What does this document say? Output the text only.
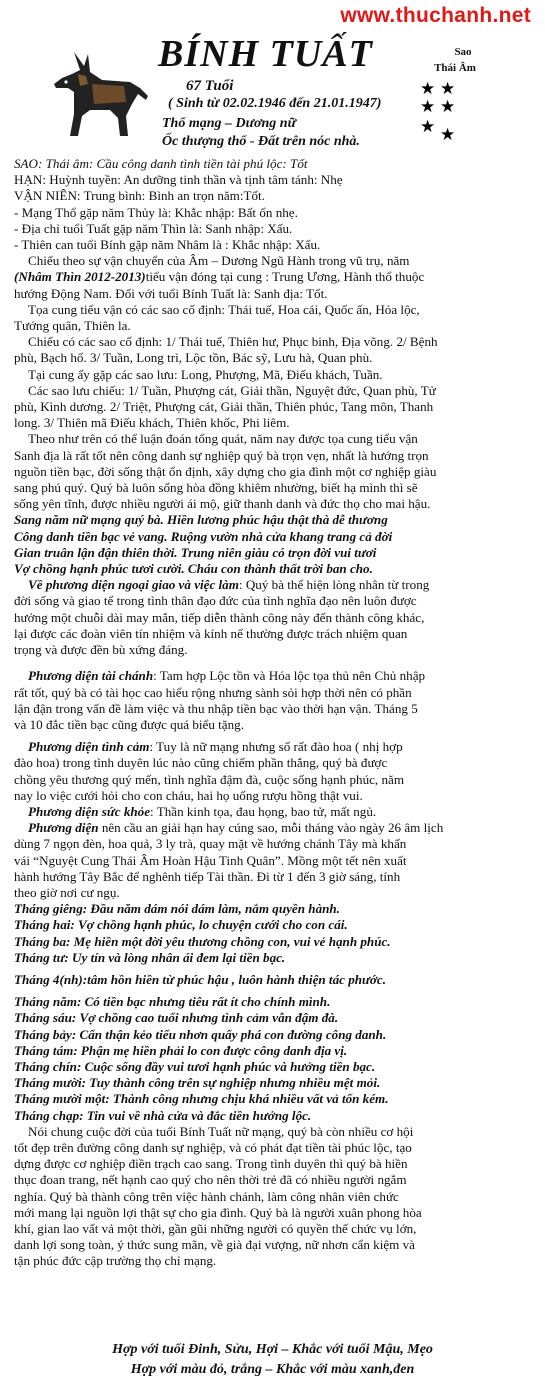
www.thuchanh.net
BÍNH TUẤT
67 Tuổi
( Sinh từ 02.02.1946 đến 21.01.1947)
Thổ mạng – Dương nữ
Ốc thượng thổ - Đất trên nóc nhà.
Sao
Thái Âm
★ ★
★ ★
★ ★

SAO: Thái âm: Cầu công danh tình tiền tài phú lộc: Tốt

HẠN: Huỳnh tuyền: An dưỡng tinh thần và tịnh tâm tánh: Nhẹ

VẬN NIÊN: Trung bình: Bình an trọn năm:Tốt.

- Mạng Thổ gặp năm Thủy là: Khắc nhập: Bất ổn nhẹ.

- Địa chỉ tuổi Tuất gặp năm Thìn là: Sanh nhập: Xấu.

- Thiên can tuổi Bính gặp năm Nhâm là : Khắc nhập: Xấu.

Chiếu theo sự vận chuyển của Âm – Dương Ngũ Hành trong vũ trụ, năm

(Nhâm Thìn 2012-2013)tiểu vận đóng tại cung : Trung Ương, Hành thổ thuộc

hướng Động Nam. Đối với tuổi Bính Tuất là: Sanh địa: Tốt.

Tọa cung tiểu vận có các sao cố định: Thái tuế, Hoa cái, Quốc ấn, Hỏa lộc,

Tướng quân, Thiên la.

Chiếu có các sao cố định: 1/ Thái tuế, Thiên hư, Phục binh, Địa võng. 2/ Bệnh

phù, Bạch hổ. 3/ Tuần, Long trì, Lộc tồn, Bác sỹ, Lưu hà, Quan phù.

Tại cung ấy gặp các sao lưu: Long, Phượng, Mã, Điếu khách, Tuần.

Các sao lưu chiếu: 1/ Tuần, Phượng cát, Giải thần, Nguyệt đức, Quan phù, Tử

phù, Kình dương. 2/ Triệt, Phượng cát, Giải thần, Thiên phúc, Tang môn, Thanh

long. 3/ Thiên mã Điếu khách, Thiên khốc, Phi liêm.

Theo như trên có thể luận đoán tổng quát, năm nay được tọa cung tiểu vận

Sanh địa là rất tốt nên công danh sự nghiệp quý bà trọn vẹn, nhất là hướng trọn

nguồn tiền bạc, đời sống thật ổn định, xây dựng cho gia đình một cơ nghiệp giàu

sang phú quý. Quý bà luôn sống hòa đồng khiêm nhường, biết hạ mình thì sẽ

sống yên tĩnh, được nhiều người ái mộ, giữ thanh danh và đức thọ cho mai hậu.

Sang năm nữ mạng quý bà. Hiền lương phúc hậu thật thà dễ thương

Công danh tiền bạc vẻ vang. Ruộng vườn nhà cửa khang trang cả đời

Gian truân lận đận thiên thời. Trung niên giàu có trọn đời vui tươi

Vợ chồng hạnh phúc tươi cười. Cháu con thành thất trời ban cho.

Về phương diện ngoại giao và việc làm: Quý bà thể hiện lòng nhân từ trong

đời sống và giao tế trong tình thân đạo đức của tình nghĩa đạo nên luôn được

hưởng một chuỗi dài may mắn, tiếp diễn thành công này đến thành công khác,

lại được các đoàn viên tín nhiệm và kính nể thường được trách nhiệm quan

trọng và được đền bù xứng đáng.

Phương diện tài chánh: Tam hợp Lộc tồn và Hóa lộc tọa thủ nên Chủ nhập

rất tốt, quý bà có tài học cao hiểu rộng nhưng sành sỏi hợp thời nên có phần

lận đận trong vấn đề làm việc và thu nhập tiền bạc vào thời hạn vận. Tháng 5

và 10 đắc tiền bạc cũng được quá biểu tặng.

Phương diện tình cảm: Tuy là nữ mạng nhưng số rất đào hoa ( nhị hợp

đào hoa) trong tình duyên lúc nào cũng chiếm phần thắng, quý bà được

chồng yêu thương quý mến, tình nghĩa đậm đà, cuộc sống hạnh phúc, năm

nay lo việc cưới hỏi cho con cháu, hai họ uống rượu hồng thật vui.

Phương diện sức khỏe: Thần kinh tọa, đau họng, bao tử, mất ngủ.

Phương diện nên cầu an giải hạn hay cúng sao, mỗi tháng vào ngày 26 âm lịch

dùng 7 ngọn đèn, hoa quả, 3 ly trà, quay mặt về hướng chánh Tây mà khấn

vái “Nguyệt Cung Thái Âm Hoàn Hậu Tinh Quân”. Mồng một tết nên xuất

hành hướng Tây Bắc để nghênh tiếp Tài thần. Đi từ 1 đến 3 giờ sáng, tính

theo giờ nơi cư ngụ.

Tháng giêng: Đầu năm dám nói dám làm, nắm quyền hành.

Tháng hai: Vợ chồng hạnh phúc, lo chuyện cưới cho con cái.

Tháng ba: Mẹ hiền một đời yêu thương chồng con, vui vẻ hạnh phúc.

Tháng tư: Uy tín và lòng nhân ái đem lại tiền bạc.

Tháng 4(nh):tâm hồn hiền từ phúc hậu , luôn hành thiện tác phước.

Tháng năm: Có tiền bạc nhưng tiêu rất ít cho chính mình.

Tháng sáu: Vợ chồng cao tuổi nhưng tình cảm vẫn đậm đà.

Tháng bảy: Cẩn thận kẻo tiểu nhơn quấy phá con đường công danh.

Tháng tám: Phận mẹ hiền phải lo con được công danh địa vị.

Tháng chín: Cuộc sống đầy vui tươi hạnh phúc và hưởng tiền bạc.

Tháng mười: Tuy thành công trên sự nghiệp nhưng nhiều mệt mỏi.

Tháng mười một: Thành công nhưng chịu khá nhiều vất vả tốn kém.

Tháng chạp: Tin vui về nhà cửa và đắc tiền hưởng lộc.

Nói chung cuộc đời của tuổi Bính Tuất nữ mạng, quý bà còn nhiều cơ hội

tốt đẹp trên đường công danh sự nghiệp, và có phát đạt tiền tài phúc lộc, tạo

dựng được cơ nghiệp điền trạch cao sang. Trong tình duyên thì quý bà hiền

thục đoan trang, nết hạnh cao quý cho nên thời trẻ đã có nhiều người ngắm

nghía. Quý bà thành công trên việc hành chánh, làm công nhân viên chức

mới mang lại nguồn lợi thật sự cho gia đình. Quý bà là người xuân phong hòa

khí, gian lao vất vả một thời, gần gũi những người có quyền thế chức vụ lớn,

danh lợi song toàn, ý thức sung mãn, về già đại vượng, nữ nhơn cẩn kiệm và

tận phúc đức cập trường thọ chỉ mạng.

Hợp với tuổi Đinh, Sửu, Hợi – Khắc với tuổi Mậu, Mẹo
Hợp với màu đỏ, trắng – Khắc với màu xanh,đen
